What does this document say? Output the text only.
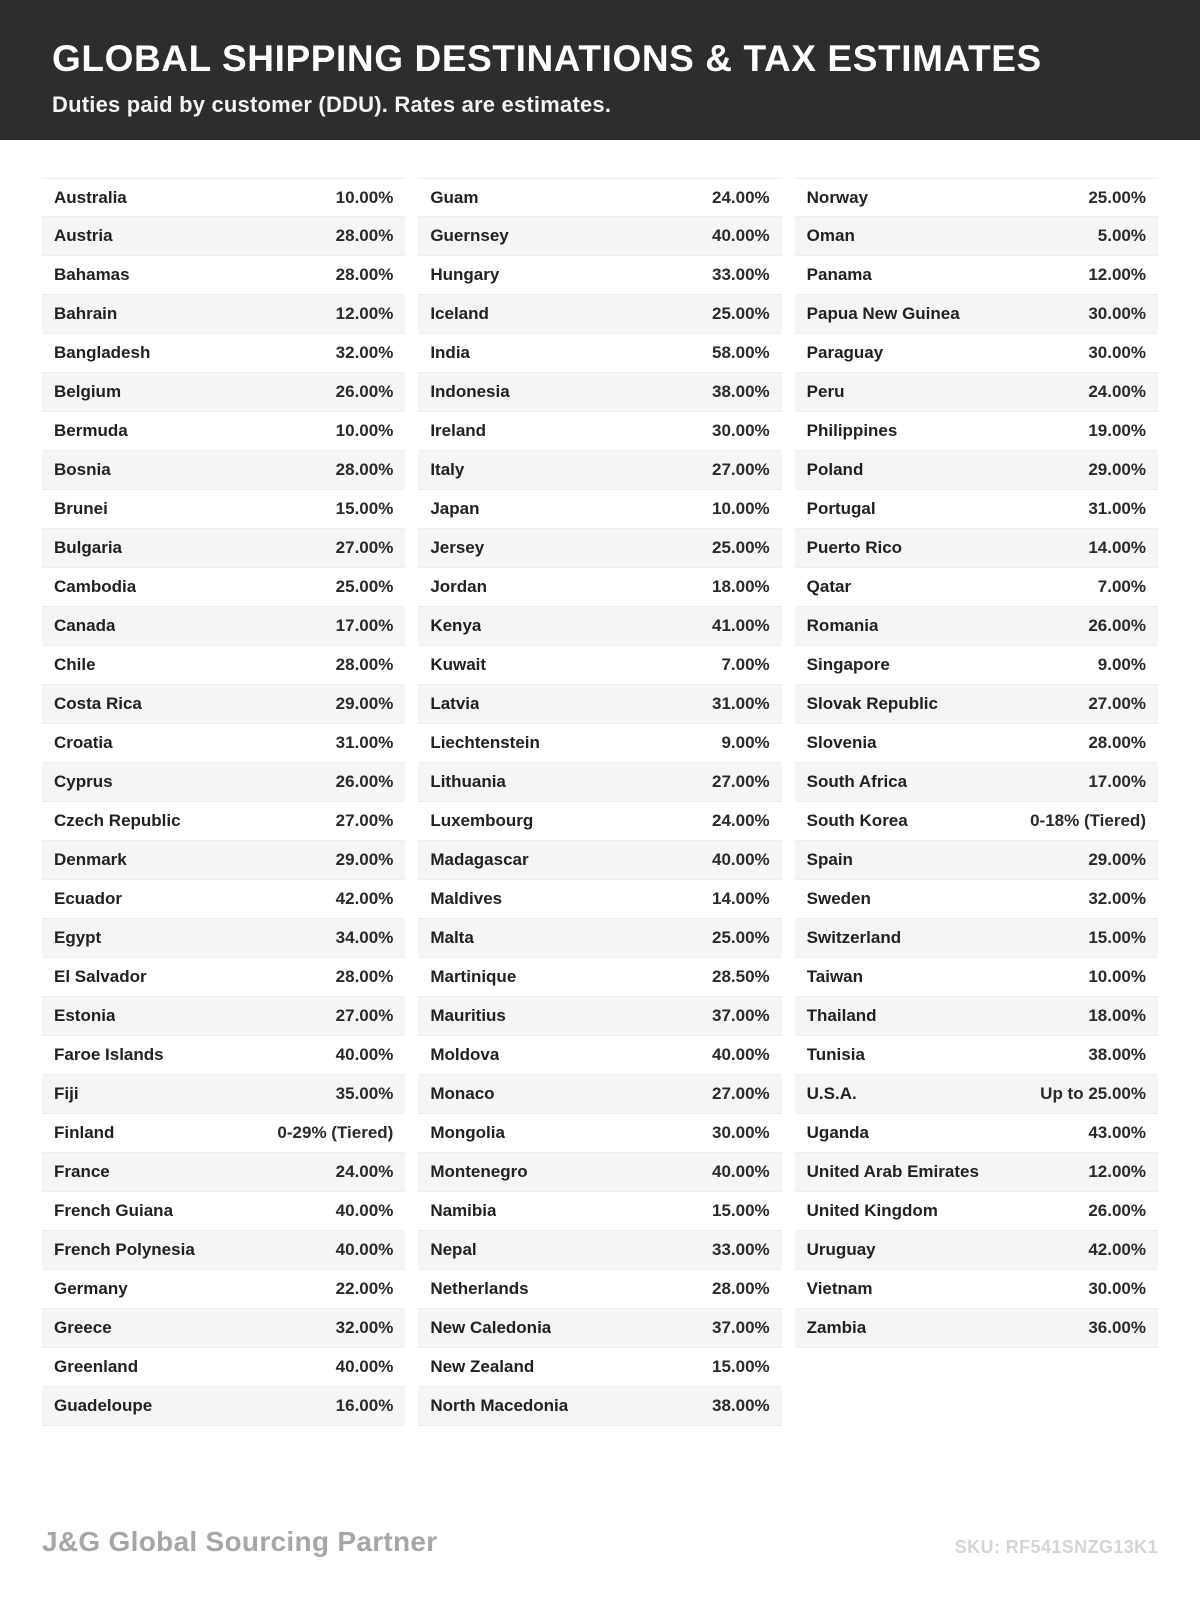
GLOBAL SHIPPING DESTINATIONS & TAX ESTIMATES

Duties paid by customer (DDU). Rates are estimates.

Australia	10.00%
Austria	28.00%
Bahamas	28.00%
Bahrain	12.00%
Bangladesh	32.00%
Belgium	26.00%
Bermuda	10.00%
Bosnia	28.00%
Brunei	15.00%
Bulgaria	27.00%
Cambodia	25.00%
Canada	17.00%
Chile	28.00%
Costa Rica	29.00%
Croatia	31.00%
Cyprus	26.00%
Czech Republic	27.00%
Denmark	29.00%
Ecuador	42.00%
Egypt	34.00%
El Salvador	28.00%
Estonia	27.00%
Faroe Islands	40.00%
Fiji	35.00%
Finland	0-29% (Tiered)
France	24.00%
French Guiana	40.00%
French Polynesia	40.00%
Germany	22.00%
Greece	32.00%
Greenland	40.00%
Guadeloupe	16.00%
Guam	24.00%
Guernsey	40.00%
Hungary	33.00%
Iceland	25.00%
India	58.00%
Indonesia	38.00%
Ireland	30.00%
Italy	27.00%
Japan	10.00%
Jersey	25.00%
Jordan	18.00%
Kenya	41.00%
Kuwait	7.00%
Latvia	31.00%
Liechtenstein	9.00%
Lithuania	27.00%
Luxembourg	24.00%
Madagascar	40.00%
Maldives	14.00%
Malta	25.00%
Martinique	28.50%
Mauritius	37.00%
Moldova	40.00%
Monaco	27.00%
Mongolia	30.00%
Montenegro	40.00%
Namibia	15.00%
Nepal	33.00%
Netherlands	28.00%
New Caledonia	37.00%
New Zealand	15.00%
North Macedonia	38.00%
Norway	25.00%
Oman	5.00%
Panama	12.00%
Papua New Guinea	30.00%
Paraguay	30.00%
Peru	24.00%
Philippines	19.00%
Poland	29.00%
Portugal	31.00%
Puerto Rico	14.00%
Qatar	7.00%
Romania	26.00%
Singapore	9.00%
Slovak Republic	27.00%
Slovenia	28.00%
South Africa	17.00%
South Korea	0-18% (Tiered)
Spain	29.00%
Sweden	32.00%
Switzerland	15.00%
Taiwan	10.00%
Thailand	18.00%
Tunisia	38.00%
U.S.A.	Up to 25.00%
Uganda	43.00%
United Arab Emirates	12.00%
United Kingdom	26.00%
Uruguay	42.00%
Vietnam	30.00%
Zambia	36.00%
J&G Global Sourcing Partner	SKU: RF541SNZG13K1
